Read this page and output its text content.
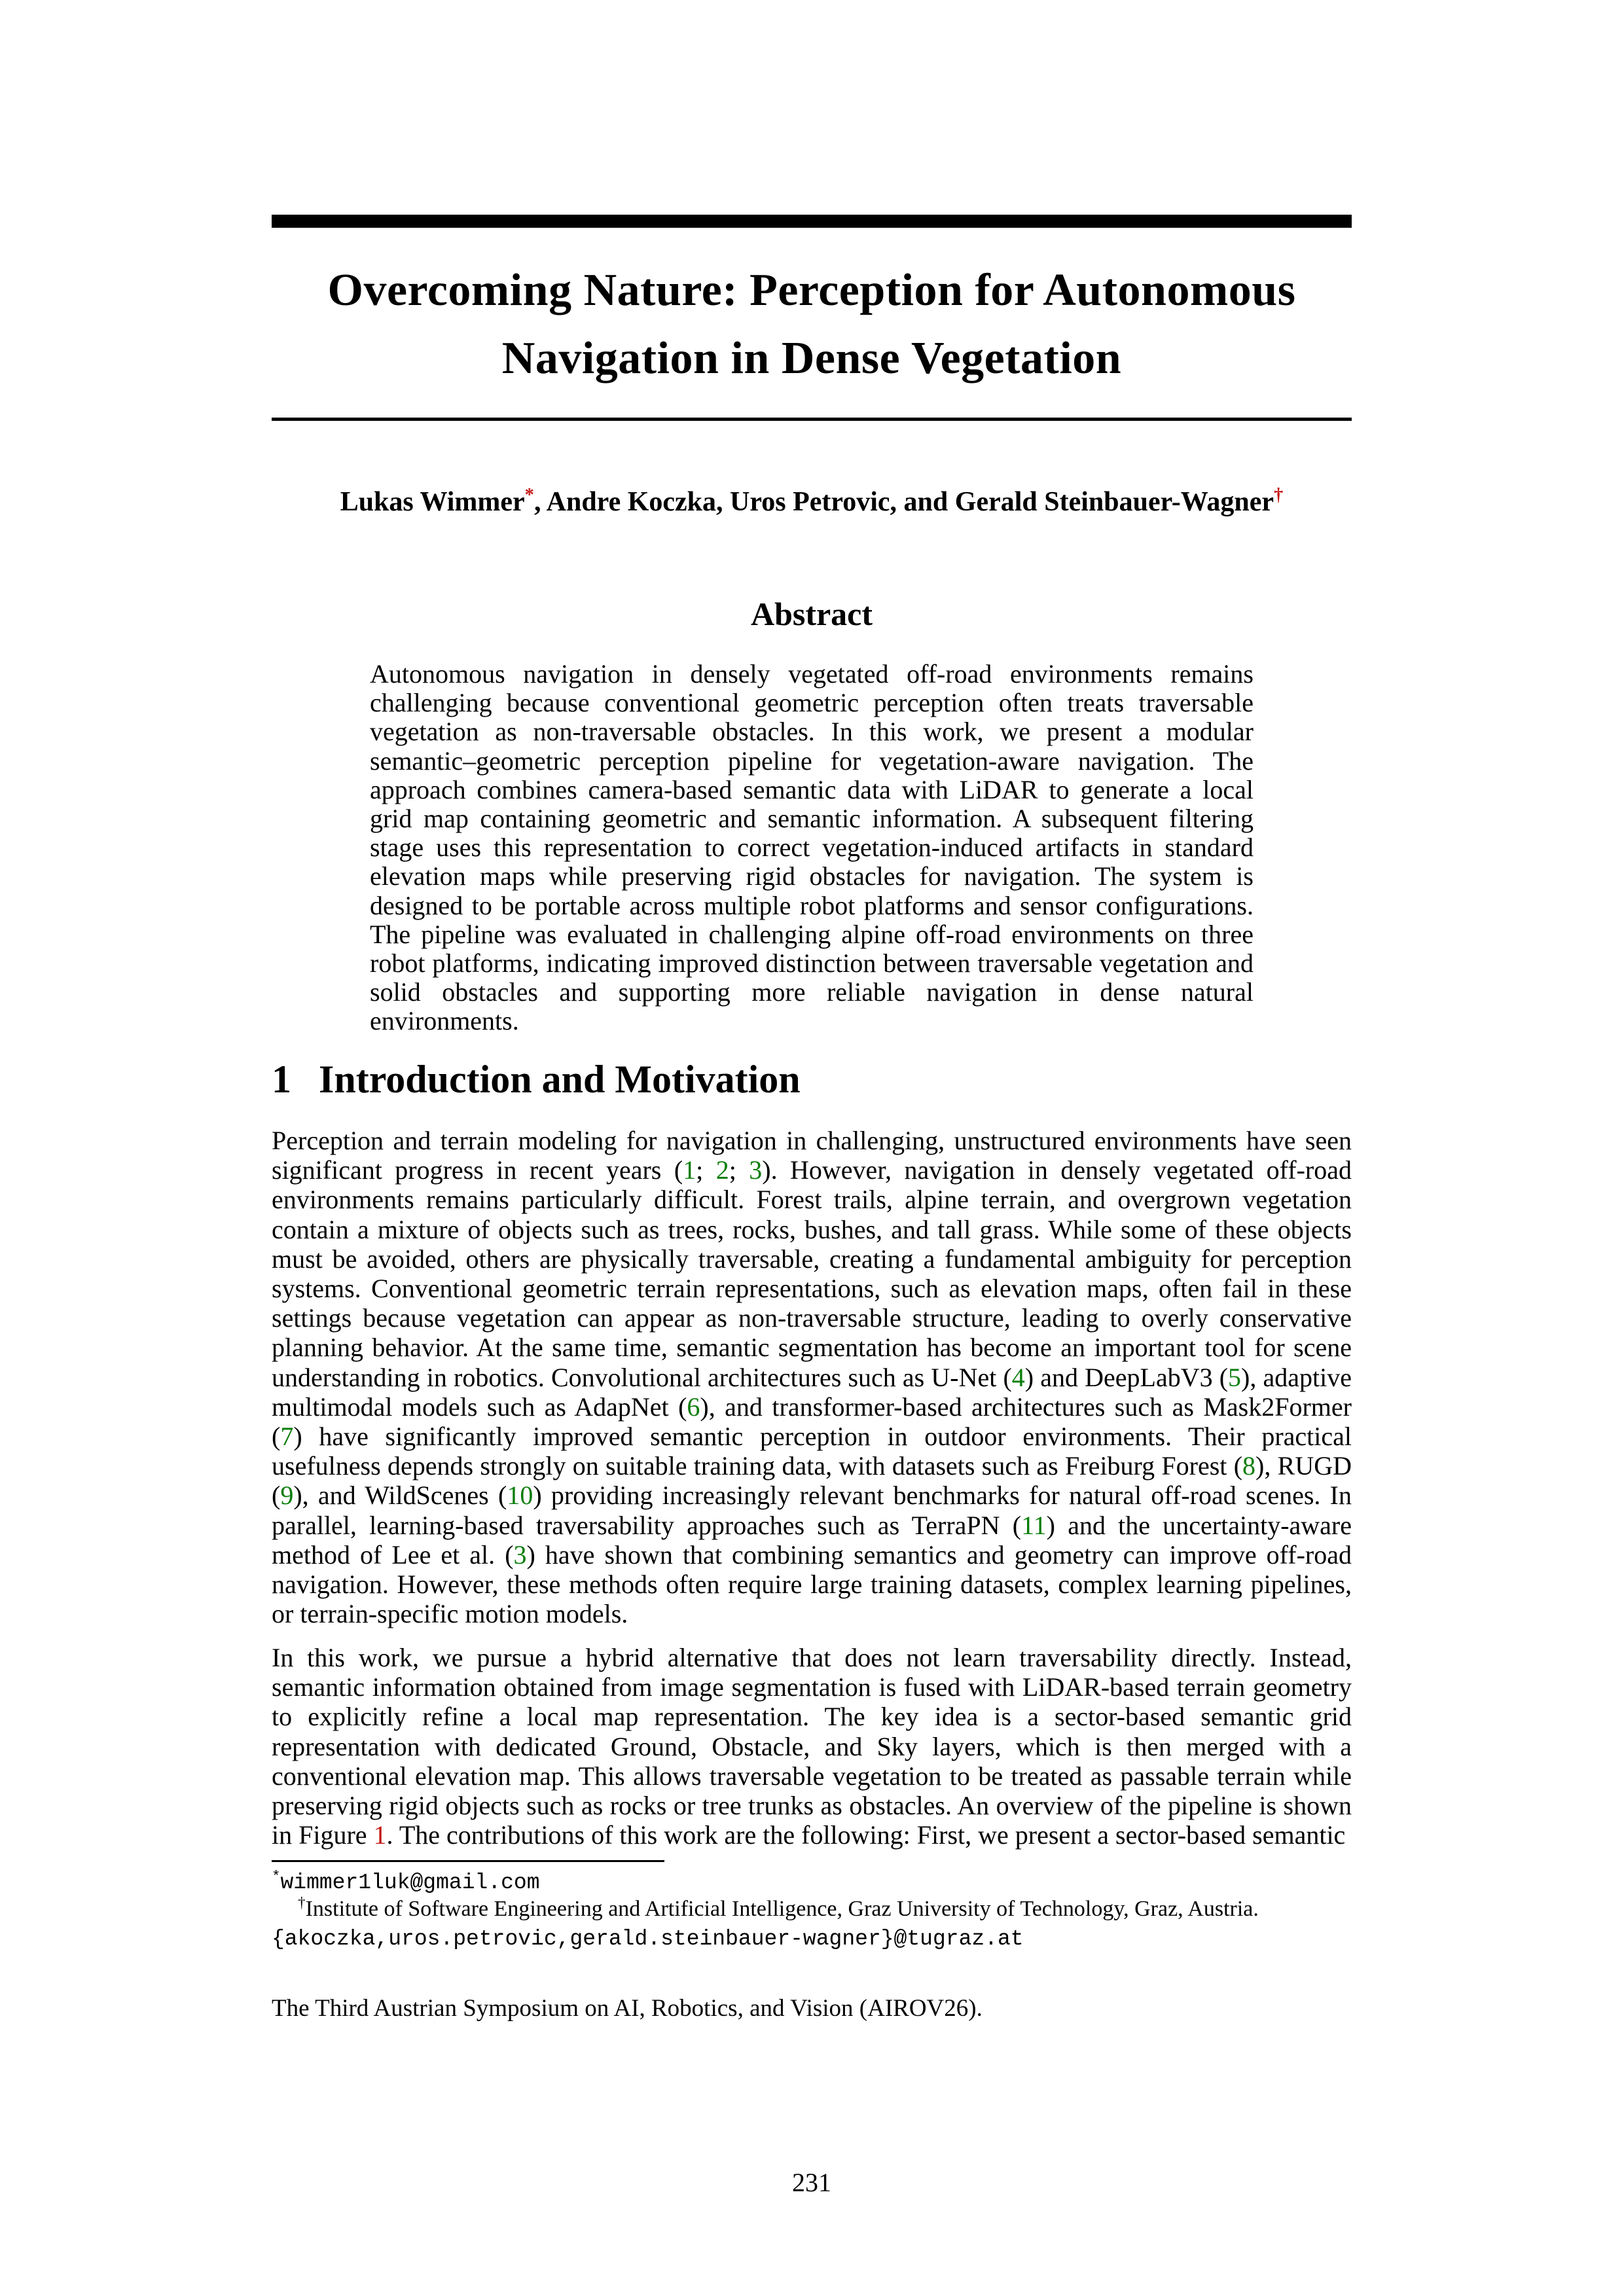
Overcoming Nature: Perception for Autonomous
Navigation in Dense Vegetation
Lukas Wimmer*, Andre Koczka, Uros Petrovic, and Gerald Steinbauer-Wagner†
Abstract
Autonomous navigation in densely vegetated off-road environments remains challenging because conventional geometric perception often treats traversable vegetation as non-traversable obstacles. In this work, we present a modular semantic–geometric perception pipeline for vegetation-aware navigation. The approach combines camera-based semantic data with LiDAR to generate a local grid map containing geometric and semantic information. A subsequent filtering stage uses this representation to correct vegetation-induced artifacts in standard elevation maps while preserving rigid obstacles for navigation. The system is designed to be portable across multiple robot platforms and sensor configurations. The pipeline was evaluated in challenging alpine off-road environments on three robot platforms, indicating improved distinction between traversable vegetation and solid obstacles and supporting more reliable navigation in dense natural environments.
1 Introduction and Motivation
Perception and terrain modeling for navigation in challenging, unstructured environments have seen significant progress in recent years (1; 2; 3). However, navigation in densely vegetated off-road environments remains particularly difficult. Forest trails, alpine terrain, and overgrown vegetation contain a mixture of objects such as trees, rocks, bushes, and tall grass. While some of these objects must be avoided, others are physically traversable, creating a fundamental ambiguity for perception systems. Conventional geometric terrain representations, such as elevation maps, often fail in these settings because vegetation can appear as non-traversable structure, leading to overly conservative planning behavior. At the same time, semantic segmentation has become an important tool for scene understanding in robotics. Convolutional architectures such as U-Net (4) and DeepLabV3 (5), adaptive multimodal models such as AdapNet (6), and transformer-based architectures such as Mask2Former (7) have significantly improved semantic perception in outdoor environments. Their practical usefulness depends strongly on suitable training data, with datasets such as Freiburg Forest (8), RUGD (9), and WildScenes (10) providing increasingly relevant benchmarks for natural off-road scenes. In parallel, learning-based traversability approaches such as TerraPN (11) and the uncertainty-aware method of Lee et al. (3) have shown that combining semantics and geometry can improve off-road navigation. However, these methods often require large training datasets, complex learning pipelines, or terrain-specific motion models.
In this work, we pursue a hybrid alternative that does not learn traversability directly. Instead, semantic information obtained from image segmentation is fused with LiDAR-based terrain geometry to explicitly refine a local map representation. The key idea is a sector-based semantic grid representation with dedicated Ground, Obstacle, and Sky layers, which is then merged with a conventional elevation map. This allows traversable vegetation to be treated as passable terrain while preserving rigid objects such as rocks or tree trunks as obstacles. An overview of the pipeline is shown in Figure 1. The contributions of this work are the following: First, we present a sector-based semantic
*wimmer1luk@gmail.com
†Institute of Software Engineering and Artificial Intelligence, Graz University of Technology, Graz, Austria.
{akoczka,uros.petrovic,gerald.steinbauer-wagner}@tugraz.at
The Third Austrian Symposium on AI, Robotics, and Vision (AIROV26).
231
